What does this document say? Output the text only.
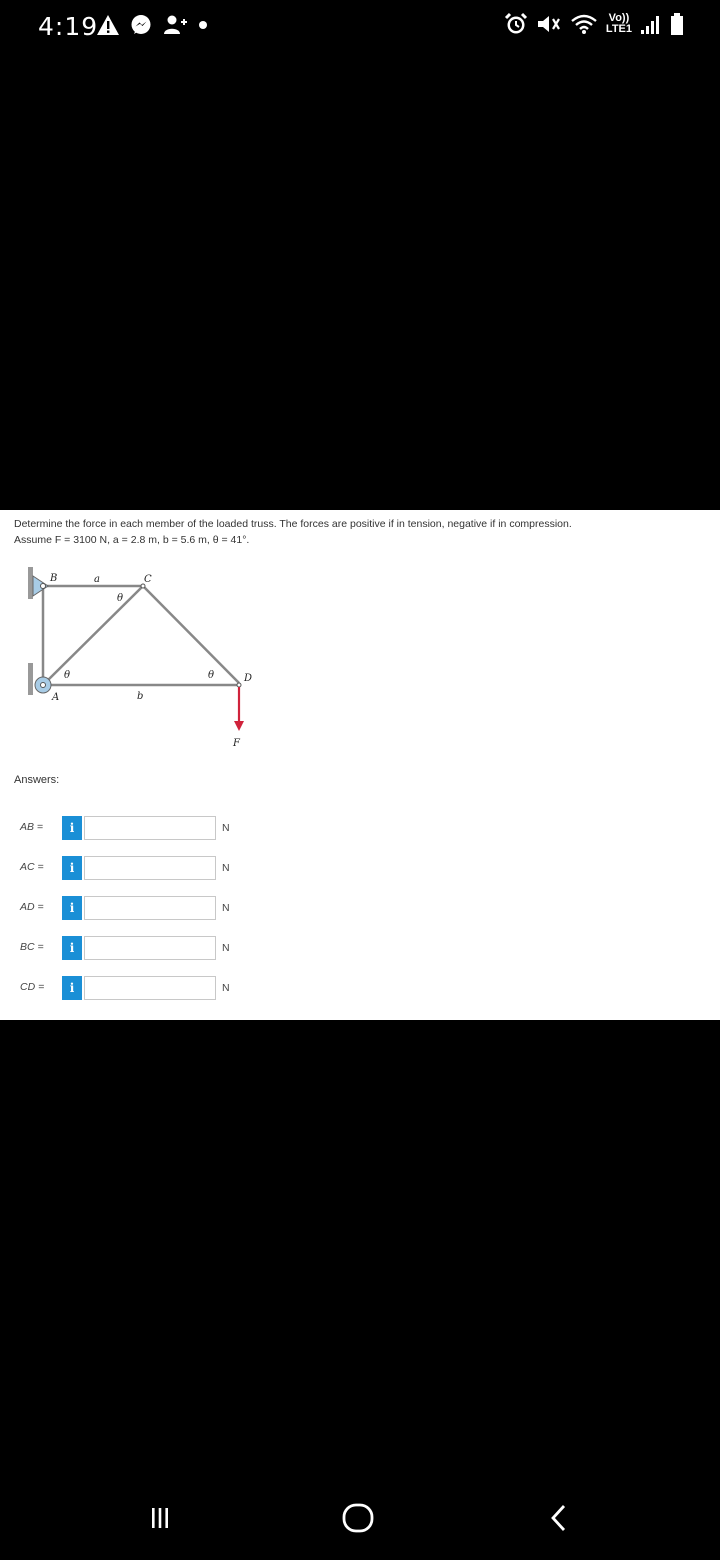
4:19	Vo))
LTE1
Determine the force in each member of the loaded truss. The forces are positive if in tension, negative if in compression.
Assume F = 3100 N, a = 2.8 m, b = 5.6 m, θ = 41°.
B	a	C
θ
θ	θ	D
A	b
F
Answers:
AB =	i	N
AC =	i	N
AD =	i	N
BC =	i	N
CD =	i	N
